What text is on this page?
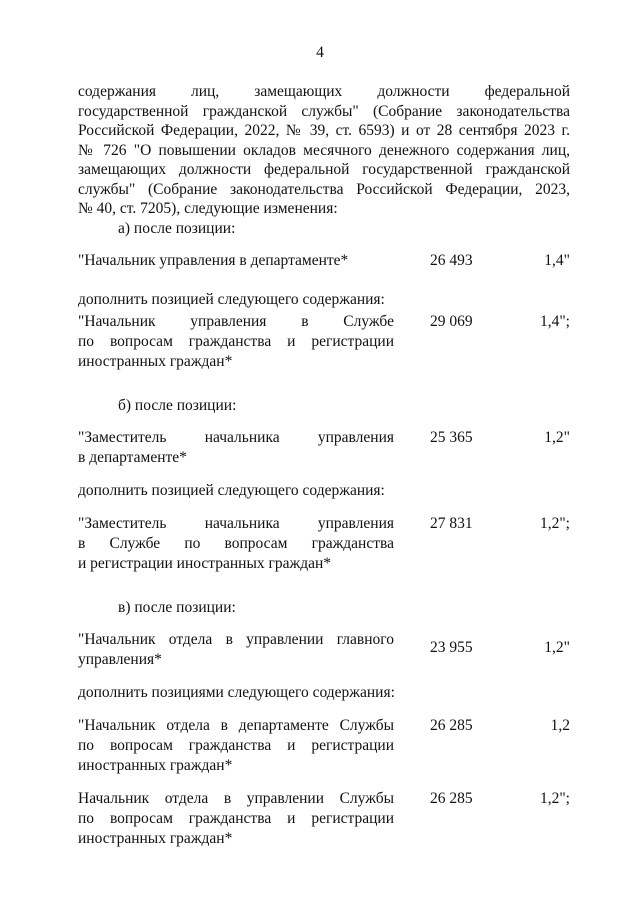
4

содержания лиц, замещающих должности федеральной
государственной гражданской службы" (Собрание законодательства
Российской Федерации, 2022, № 39, ст. 6593) и от 28 сентября 2023 г.
№ 726 "О повышении окладов месячного денежного содержания лиц,
замещающих должности федеральной государственной гражданской
службы" (Собрание законодательства Российской Федерации, 2023,
№ 40, ст. 7205), следующие изменения:

а) после позиции:

"Начальник управления в департаменте*	26 493	1,4"

дополнить позицией следующего содержания:

"Начальник управления в Службе
по вопросам гражданства и регистрации
иностранных граждан*
29 069	1,4";

б) после позиции:

"Заместитель начальника управления
в департаменте*
25 365	1,2"

дополнить позицией следующего содержания:

"Заместитель начальника управления
в Службе по вопросам гражданства
и регистрации иностранных граждан*
27 831	1,2";

в) после позиции:

"Начальник отдела в управлении главного
управления*
23 955	1,2"

дополнить позициями следующего содержания:

"Начальник отдела в департаменте Службы
по вопросам гражданства и регистрации
иностранных граждан*
26 285	1,2
Начальник отдела в управлении Службы
по вопросам гражданства и регистрации
иностранных граждан*
26 285	1,2";
